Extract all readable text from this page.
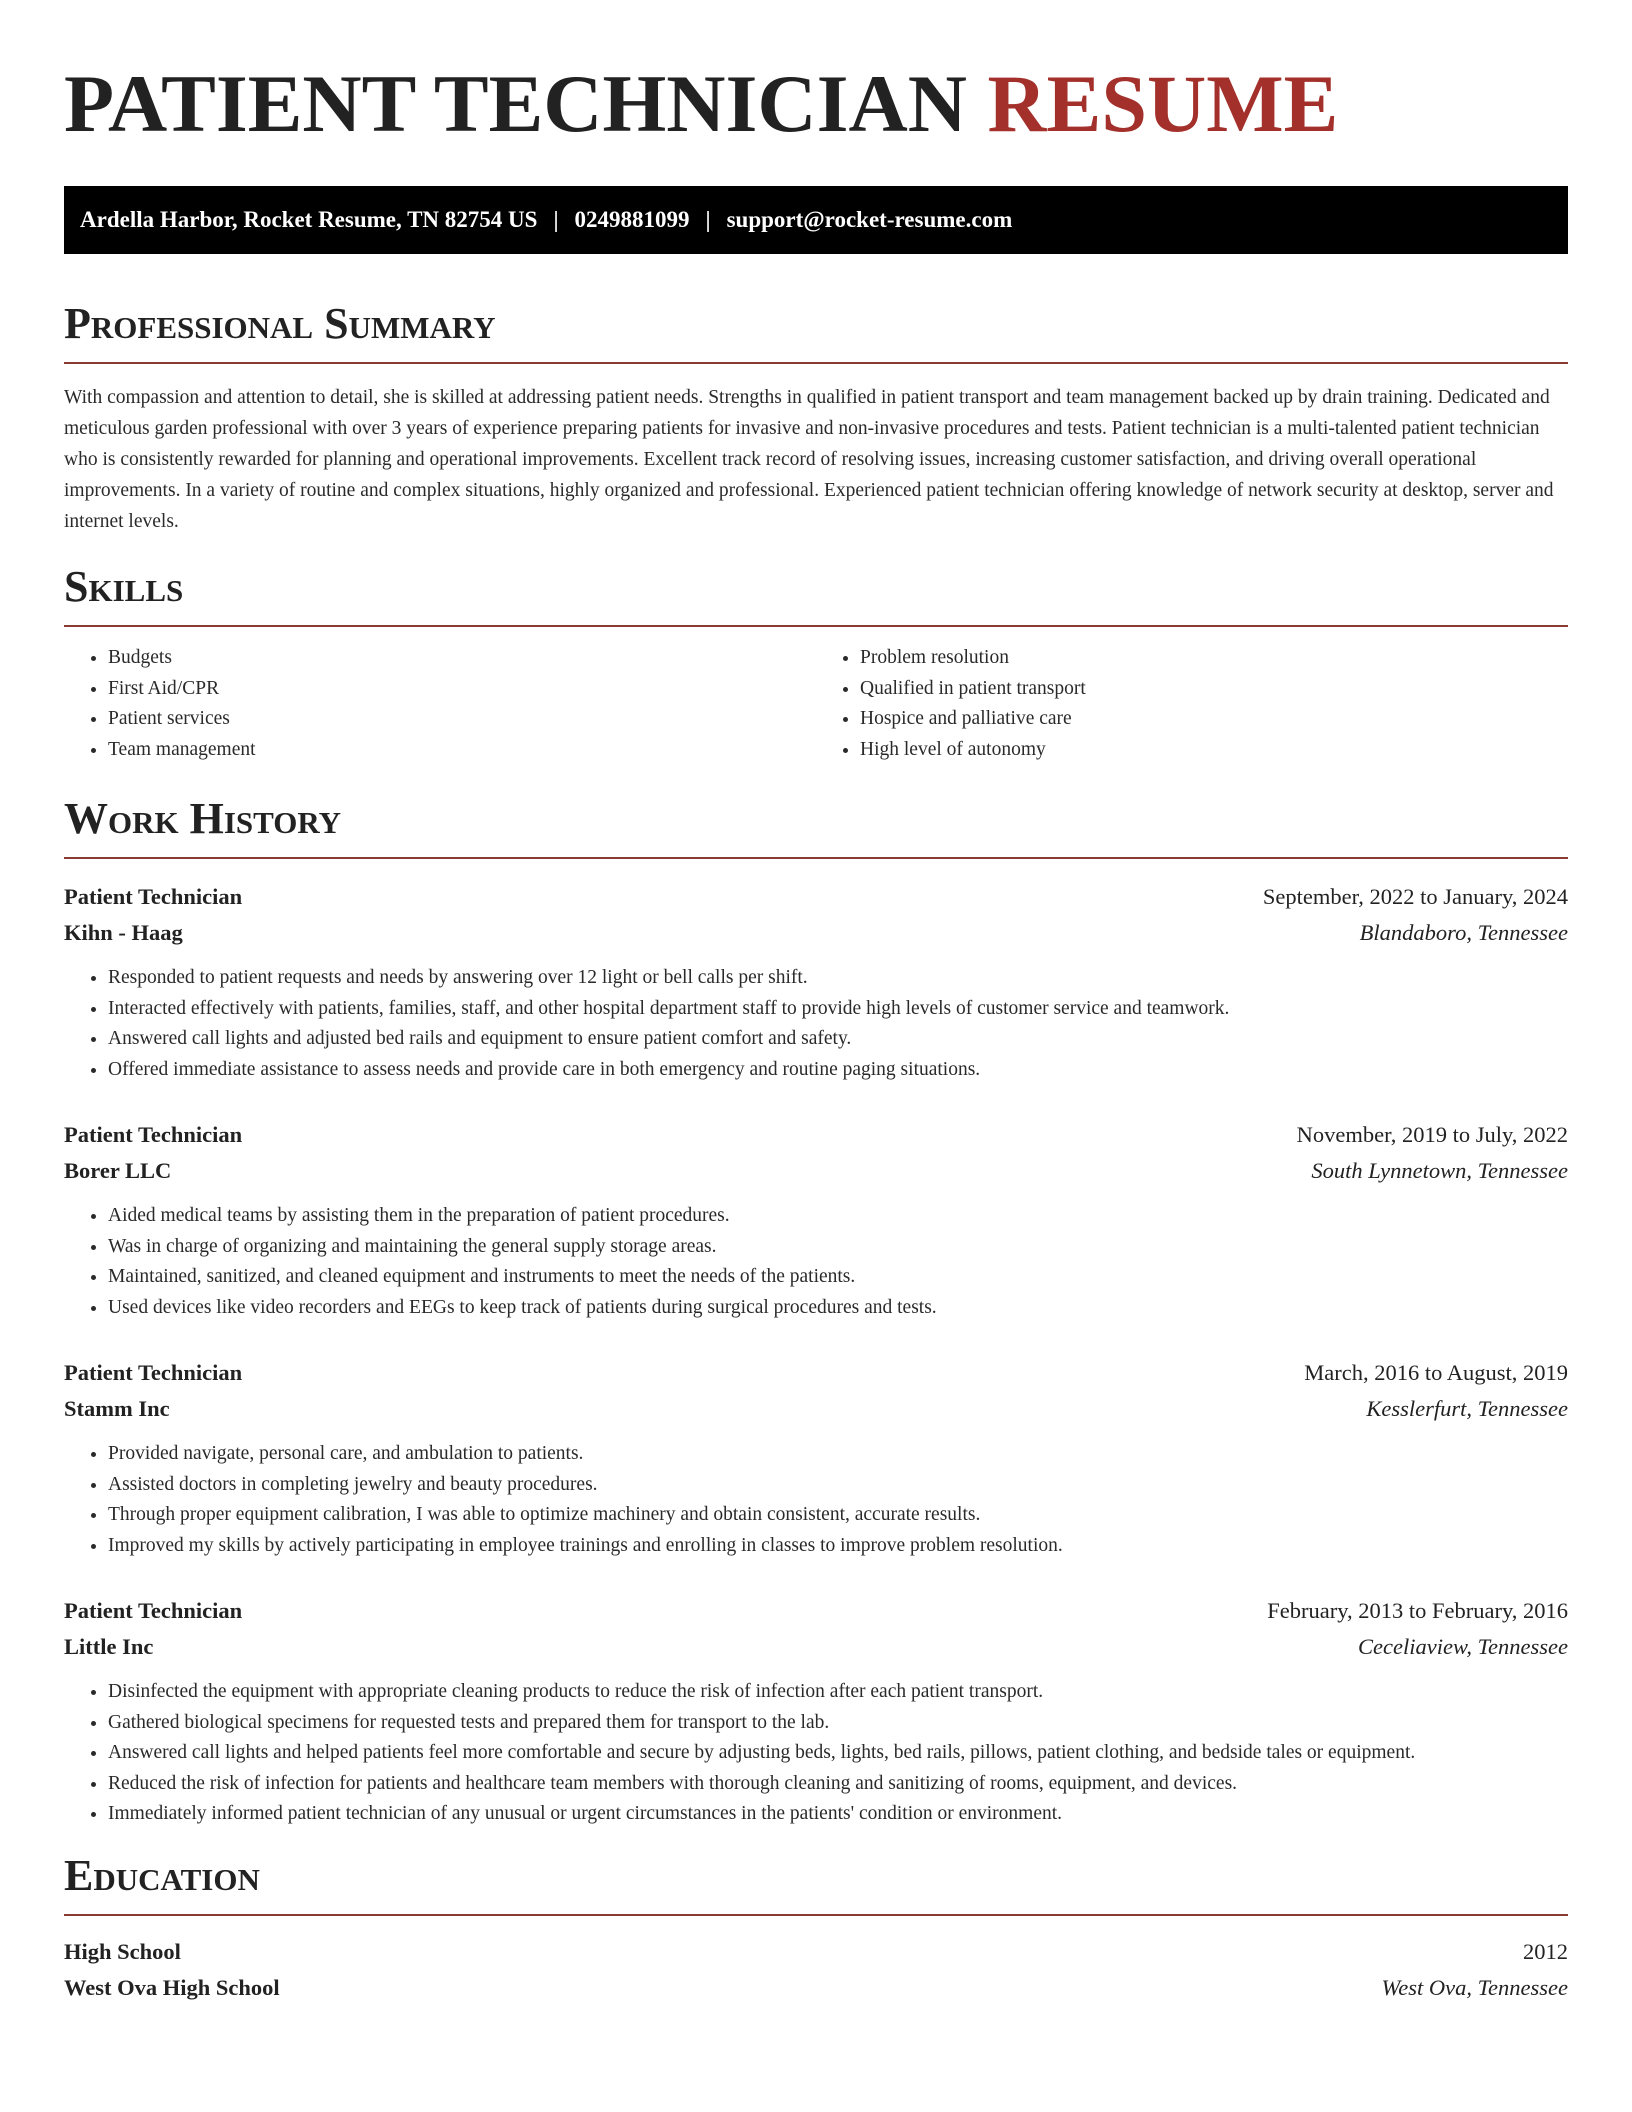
PATIENT TECHNICIAN RESUME
Ardella Harbor, Rocket Resume, TN 82754 US | 0249881099 | support@rocket-resume.com
Professional Summary

With compassion and attention to detail, she is skilled at addressing patient needs. Strengths in qualified in patient transport and team management backed up by drain training. Dedicated and meticulous garden professional with over 3 years of experience preparing patients for invasive and non-invasive procedures and tests. Patient technician is a multi-talented patient technician who is consistently rewarded for planning and operational improvements. Excellent track record of resolving issues, increasing customer satisfaction, and driving overall operational improvements. In a variety of routine and complex situations, highly organized and professional. Experienced patient technician offering knowledge of network security at desktop, server and internet levels.

Skills
• Budgets
• First Aid/CPR
• Patient services
• Team management
• Problem resolution
• Qualified in patient transport
• Hospice and palliative care
• High level of autonomy
Work History
Patient Technician	September, 2022 to January, 2024
Kihn - Haag	Blandaboro, Tennessee
• Responded to patient requests and needs by answering over 12 light or bell calls per shift.
• Interacted effectively with patients, families, staff, and other hospital department staff to provide high levels of customer service and teamwork.
• Answered call lights and adjusted bed rails and equipment to ensure patient comfort and safety.
• Offered immediate assistance to assess needs and provide care in both emergency and routine paging situations.
Patient Technician	November, 2019 to July, 2022
Borer LLC	South Lynnetown, Tennessee
• Aided medical teams by assisting them in the preparation of patient procedures.
• Was in charge of organizing and maintaining the general supply storage areas.
• Maintained, sanitized, and cleaned equipment and instruments to meet the needs of the patients.
• Used devices like video recorders and EEGs to keep track of patients during surgical procedures and tests.
Patient Technician	March, 2016 to August, 2019
Stamm Inc	Kesslerfurt, Tennessee
• Provided navigate, personal care, and ambulation to patients.
• Assisted doctors in completing jewelry and beauty procedures.
• Through proper equipment calibration, I was able to optimize machinery and obtain consistent, accurate results.
• Improved my skills by actively participating in employee trainings and enrolling in classes to improve problem resolution.
Patient Technician	February, 2013 to February, 2016
Little Inc	Ceceliaview, Tennessee
• Disinfected the equipment with appropriate cleaning products to reduce the risk of infection after each patient transport.
• Gathered biological specimens for requested tests and prepared them for transport to the lab.
• Answered call lights and helped patients feel more comfortable and secure by adjusting beds, lights, bed rails, pillows, patient clothing, and bedside tales or equipment.
• Reduced the risk of infection for patients and healthcare team members with thorough cleaning and sanitizing of rooms, equipment, and devices.
• Immediately informed patient technician of any unusual or urgent circumstances in the patients' condition or environment.
Education
High School	2012
West Ova High School	West Ova, Tennessee
